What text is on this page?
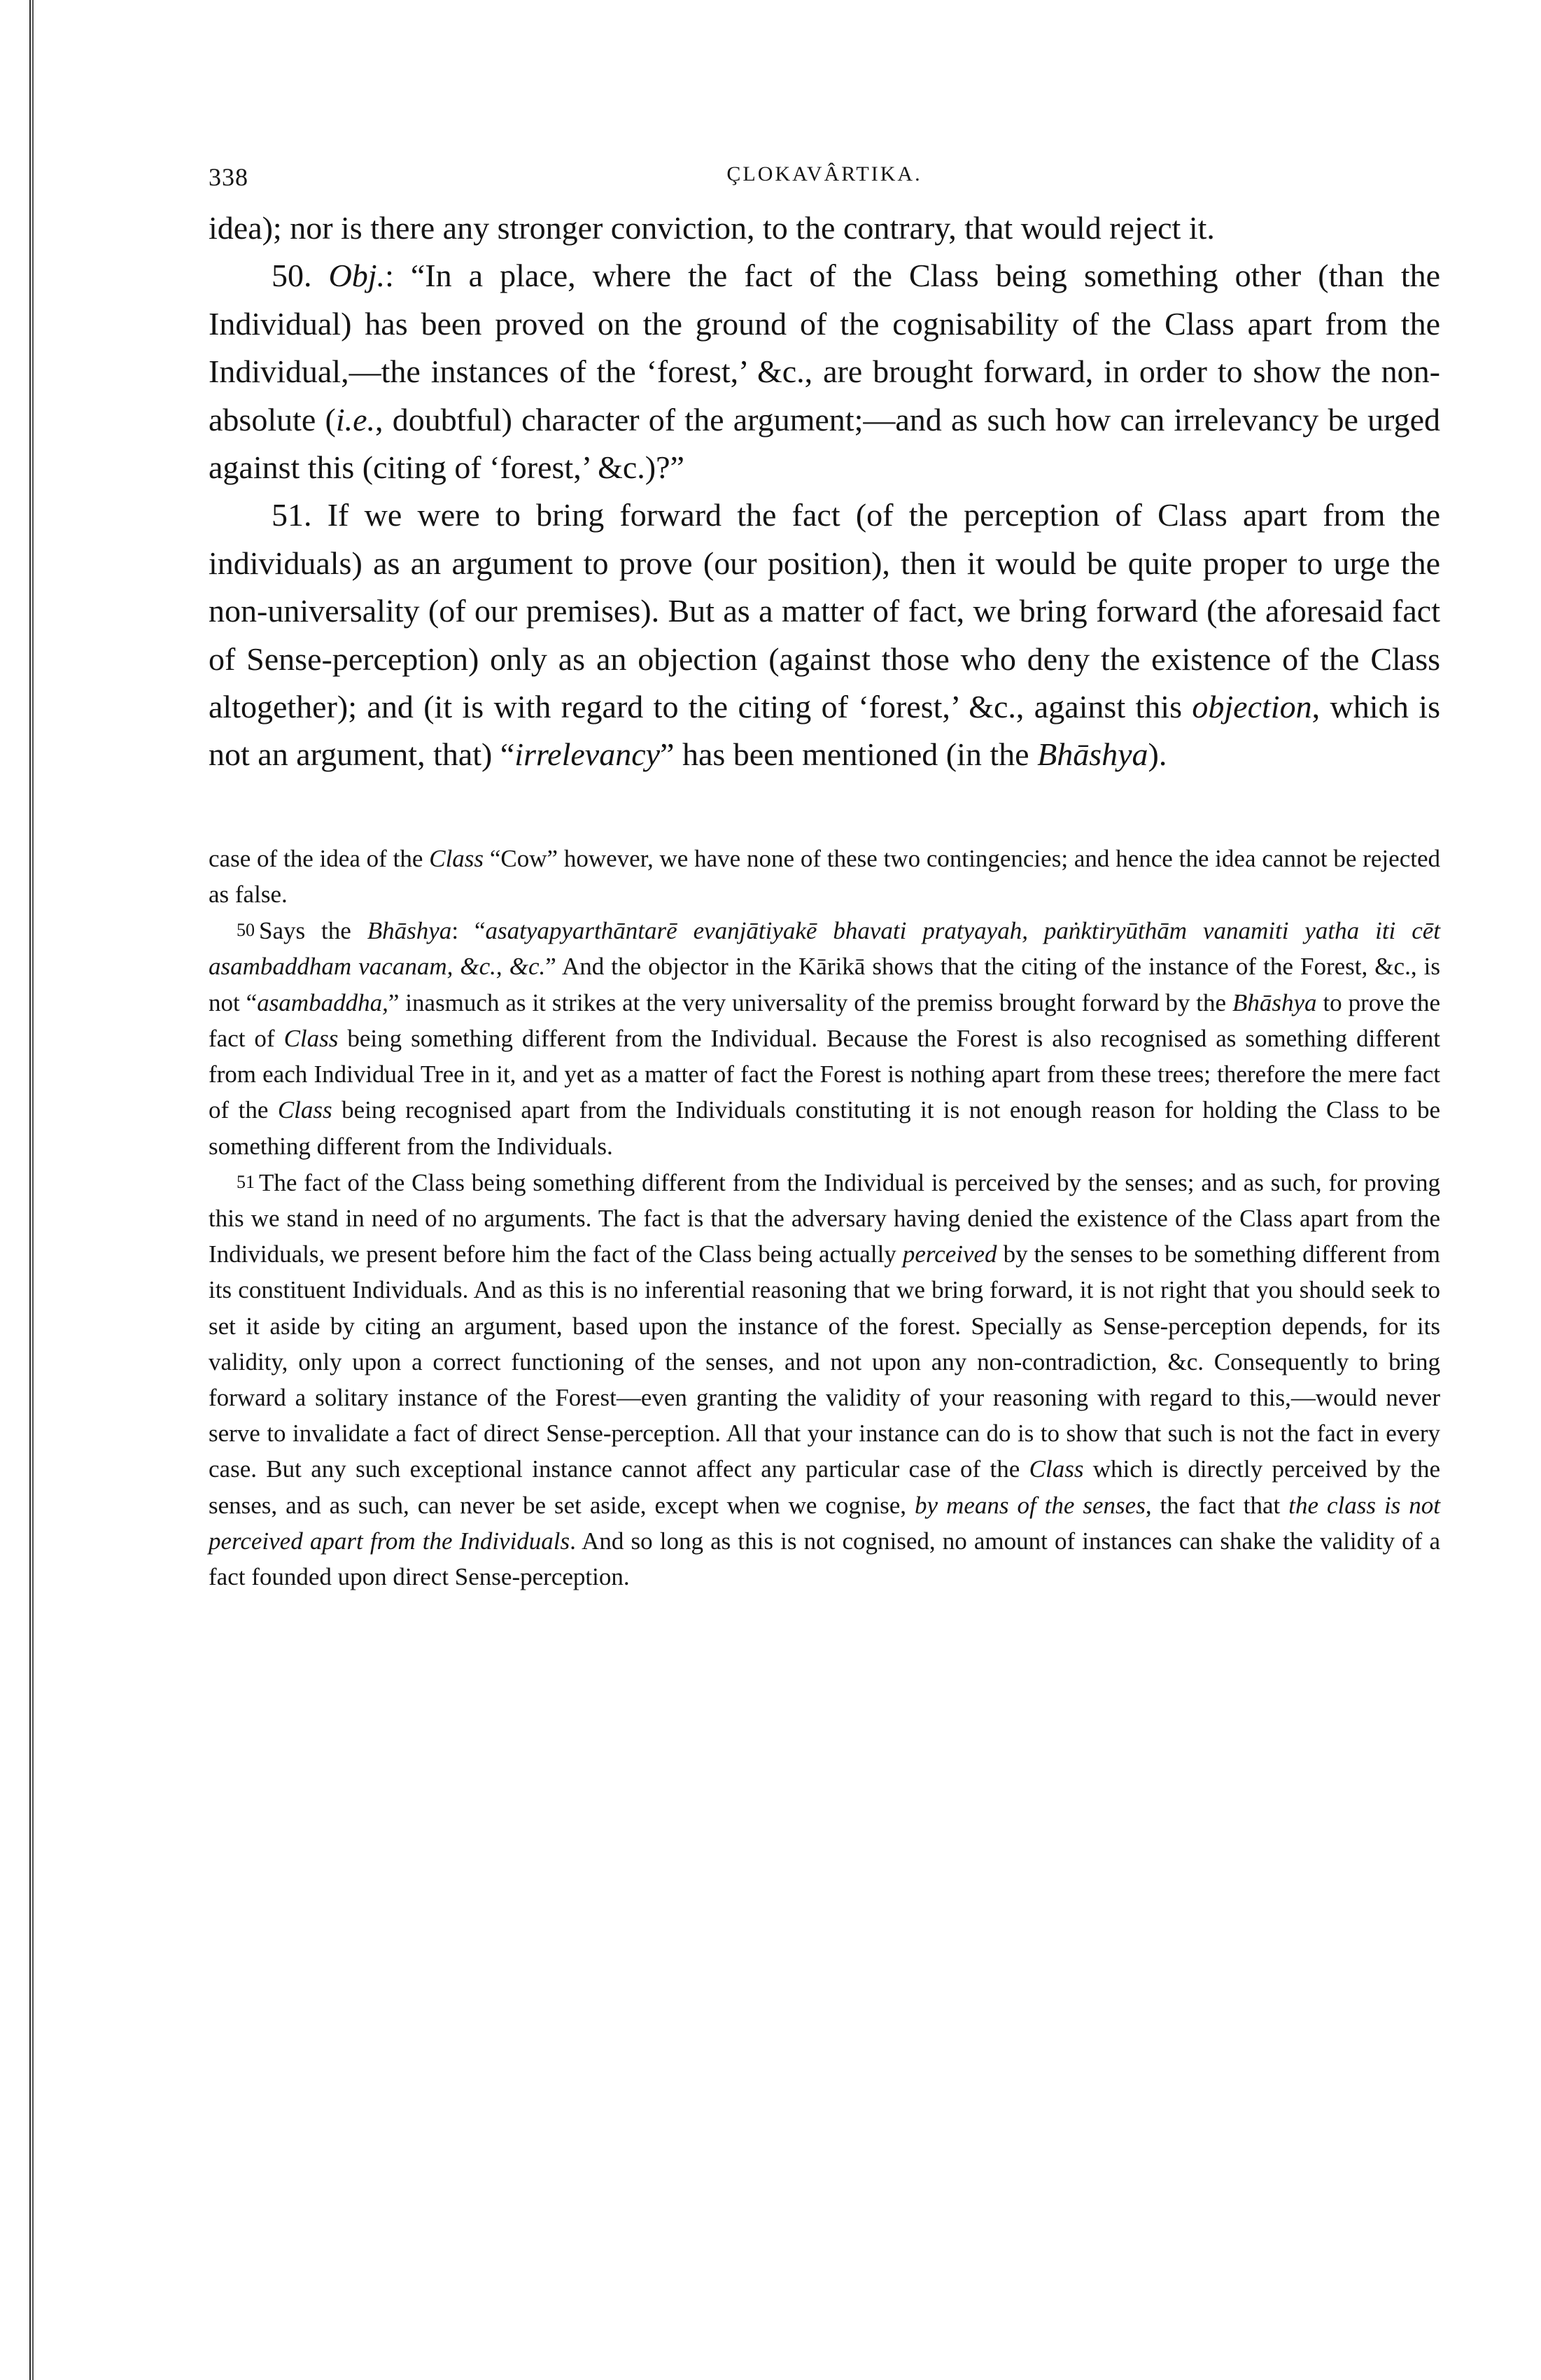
338	ÇLOKAVÂRTIKA.

idea); nor is there any stronger conviction, to the contrary, that would reject it.

50. Obj.: “In a place, where the fact of the Class being something other (than the Individual) has been proved on the ground of the cognisability of the Class apart from the Individual,—the instances of the ‘forest,’ &c., are brought forward, in order to show the non-absolute (i.e., doubtful) character of the argument;—and as such how can irrelevancy be urged against this (citing of ‘forest,’ &c.)?”

51. If we were to bring forward the fact (of the perception of Class apart from the individuals) as an argument to prove (our position), then it would be quite proper to urge the non-universality (of our premises). But as a matter of fact, we bring forward (the aforesaid fact of Sense-perception) only as an objection (against those who deny the existence of the Class altogether); and (it is with regard to the citing of ‘forest,’ &c., against this objection, which is not an argument, that) “irrelevancy” has been mentioned (in the Bhāshya).

case of the idea of the Class “Cow” however, we have none of these two contingencies; and hence the idea cannot be rejected as false.

50 Says the Bhāshya: “asatyapyarthāntarē evanjātiyakē bhavati pratyayah, paṅktiryūthām vanamiti yatha iti cēt asambaddham vacanam, &c., &c.” And the objector in the Kārikā shows that the citing of the instance of the Forest, &c., is not “asambaddha,” inasmuch as it strikes at the very universality of the premiss brought forward by the Bhāshya to prove the fact of Class being something different from the Individual. Because the Forest is also recognised as something different from each Individual Tree in it, and yet as a matter of fact the Forest is nothing apart from these trees; therefore the mere fact of the Class being recognised apart from the Individuals constituting it is not enough reason for holding the Class to be something different from the Individuals.

51 The fact of the Class being something different from the Individual is perceived by the senses; and as such, for proving this we stand in need of no arguments. The fact is that the adversary having denied the existence of the Class apart from the Individuals, we present before him the fact of the Class being actually perceived by the senses to be something different from its constituent Individuals. And as this is no inferential reasoning that we bring forward, it is not right that you should seek to set it aside by citing an argument, based upon the instance of the forest. Specially as Sense-perception depends, for its validity, only upon a correct functioning of the senses, and not upon any non-contradiction, &c. Consequently to bring forward a solitary instance of the Forest—even granting the validity of your reasoning with regard to this,—would never serve to invalidate a fact of direct Sense-perception. All that your instance can do is to show that such is not the fact in every case. But any such exceptional instance cannot affect any particular case of the Class which is directly perceived by the senses, and as such, can never be set aside, except when we cognise, by means of the senses, the fact that the class is not perceived apart from the Individuals. And so long as this is not cognised, no amount of instances can shake the validity of a fact founded upon direct Sense-perception.
